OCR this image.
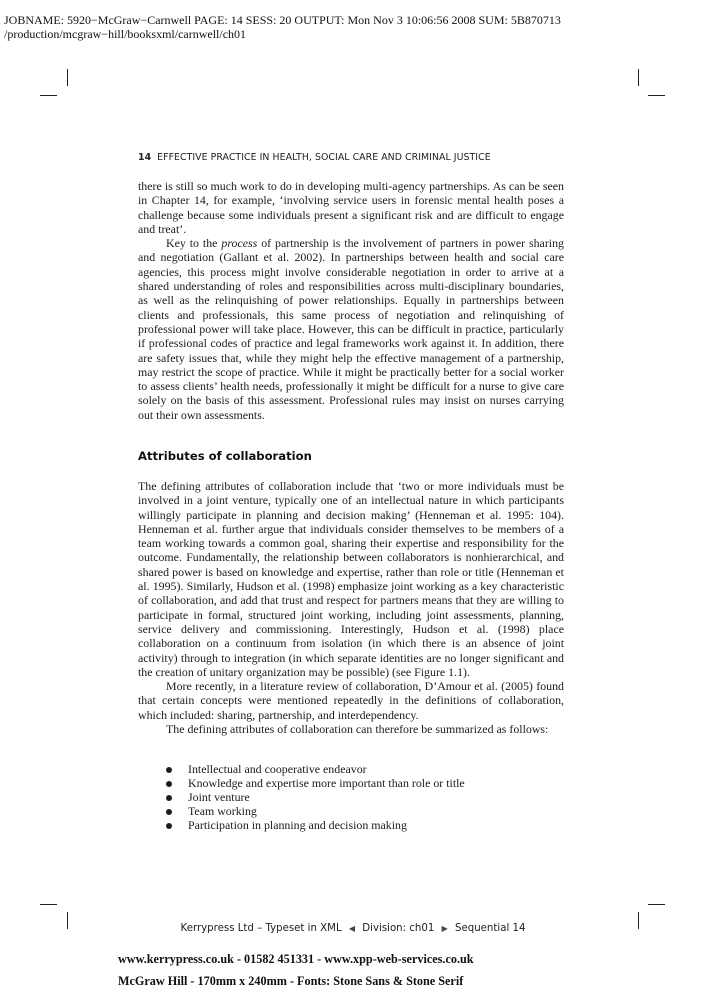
JOBNAME: 5920−McGraw−Carnwell PAGE: 14 SESS: 20 OUTPUT: Mon Nov 3 10:06:56 2008 SUM: 5B870713
/production/mcgraw−hill/booksxml/carnwell/ch01
14 EFFECTIVE PRACTICE IN HEALTH, SOCIAL CARE AND CRIMINAL JUSTICE

there is still so much work to do in developing multi-agency partnerships. As can be seen in Chapter 14, for example, ‘involving service users in forensic mental health poses a challenge because some individuals present a significant risk and are difficult to engage and treat’.

Key to the process of partnership is the involvement of partners in power sharing and negotiation (Gallant et al. 2002). In partnerships between health and social care agencies, this process might involve considerable negotiation in order to arrive at a shared understanding of roles and responsibilities across multi-disciplinary boundaries, as well as the relinquishing of power relationships. Equally in partnerships between clients and professionals, this same process of negotiation and relinquishing of professional power will take place. However, this can be difficult in practice, particularly if professional codes of practice and legal frameworks work against it. In addition, there are safety issues that, while they might help the effective management of a partnership, may restrict the scope of practice. While it might be practically better for a social worker to assess clients’ health needs, professionally it might be difficult for a nurse to give care solely on the basis of this assessment. Professional rules may insist on nurses carrying out their own assessments.

Attributes of collaboration

The defining attributes of collaboration include that ‘two or more individuals must be involved in a joint venture, typically one of an intellectual nature in which participants willingly participate in planning and decision making’ (Henneman et al. 1995: 104). Henneman et al. further argue that individuals consider themselves to be members of a team working towards a common goal, sharing their expertise and responsibility for the outcome. Fundamentally, the relationship between collaborators is nonhierarchical, and shared power is based on knowledge and expertise, rather than role or title (Henneman et al. 1995). Similarly, Hudson et al. (1998) emphasize joint working as a key characteristic of collaboration, and add that trust and respect for partners means that they are willing to participate in formal, structured joint working, including joint assessments, planning, service delivery and commissioning. Interestingly, Hudson et al. (1998) place collaboration on a continuum from isolation (in which there is an absence of joint activity) through to integration (in which separate identities are no longer significant and the creation of unitary organization may be possible) (see Figure 1.1).

More recently, in a literature review of collaboration, D’Amour et al. (2005) found that certain concepts were mentioned repeatedly in the definitions of collaboration, which included: sharing, partnership, and interdependency.

The defining attributes of collaboration can therefore be summarized as follows:

Intellectual and cooperative endeavor
Knowledge and expertise more important than role or title
Joint venture
Team working
Participation in planning and decision making
Kerrypress Ltd – Typeset in XML ◀ Division: ch01 ▶ Sequential 14
www.kerrypress.co.uk - 01582 451331 - www.xpp-web-services.co.uk
McGraw Hill - 170mm x 240mm - Fonts: Stone Sans & Stone Serif
